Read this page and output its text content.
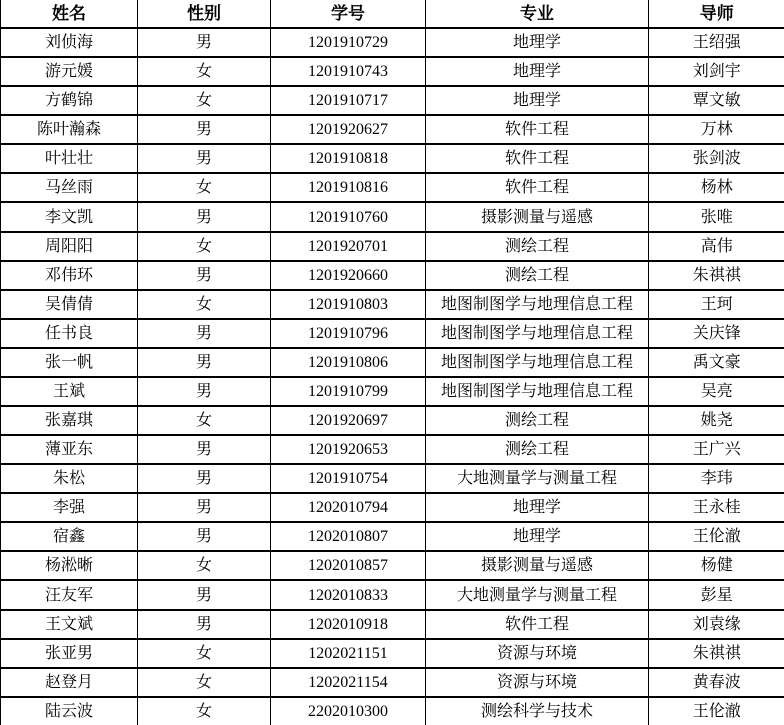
姓名	性别	学号	专业	导师
刘侦海	男	1201910729	地理学	王绍强
游元媛	女	1201910743	地理学	刘剑宇
方鹤锦	女	1201910717	地理学	覃文敏
陈叶瀚森	男	1201920627	软件工程	万林
叶壮壮	男	1201910818	软件工程	张剑波
马丝雨	女	1201910816	软件工程	杨林
李文凯	男	1201910760	摄影测量与遥感	张唯
周阳阳	女	1201920701	测绘工程	高伟
邓伟环	男	1201920660	测绘工程	朱祺祺
吴倩倩	女	1201910803	地图制图学与地理信息工程	王珂
任书良	男	1201910796	地图制图学与地理信息工程	关庆锋
张一帆	男	1201910806	地图制图学与地理信息工程	禹文豪
王斌	男	1201910799	地图制图学与地理信息工程	吴亮
张嘉琪	女	1201920697	测绘工程	姚尧
薄亚东	男	1201920653	测绘工程	王广兴
朱松	男	1201910754	大地测量学与测量工程	李玮
李强	男	1202010794	地理学	王永桂
宿鑫	男	1202010807	地理学	王伦澈
杨淞晰	女	1202010857	摄影测量与遥感	杨健
汪友军	男	1202010833	大地测量学与测量工程	彭星
王文斌	男	1202010918	软件工程	刘袁缘
张亚男	女	1202021151	资源与环境	朱祺祺
赵登月	女	1202021154	资源与环境	黄春波
陆云波	女	2202010300	测绘科学与技术	王伦澈
